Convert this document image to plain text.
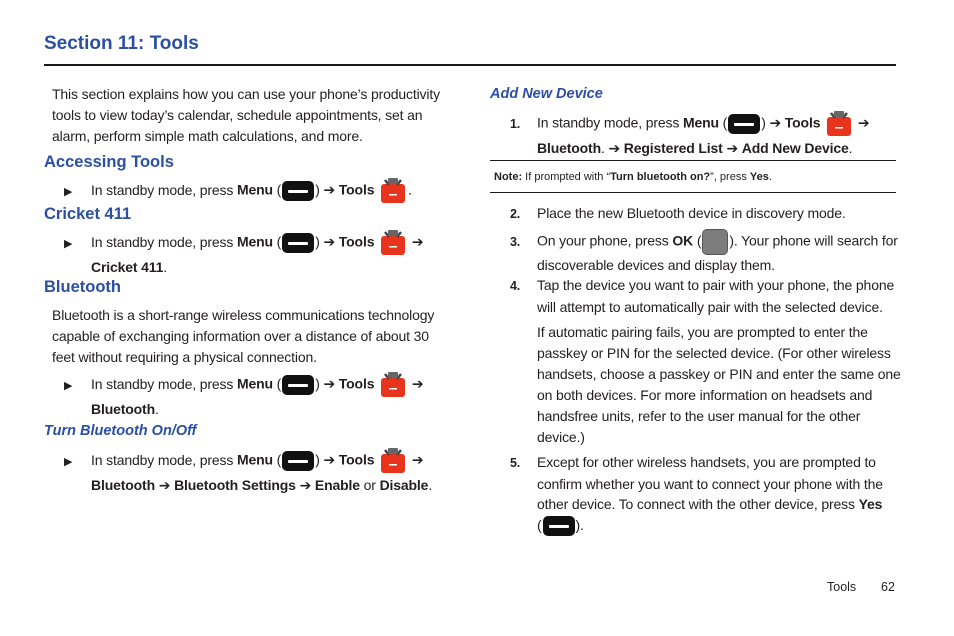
Section 11: Tools

This section explains how you can use your phone’s productivity tools to view today’s calendar, schedule appointments, set an alarm, perform simple math calculations, and more.

Accessing Tools
▶ In standby mode, press Menu ( ) ➔ Tools .
Cricket 411
▶ In standby mode, press Menu ( ) ➔ Tools	➔
Cricket 411.
Bluetooth

Bluetooth is a short-range wireless communications technology capable of exchanging information over a distance of about 30 feet without requiring a physical connection.

▶ In standby mode, press Menu ( ) ➔ Tools	➔
Bluetooth.
Turn Bluetooth On/Off
▶ In standby mode, press Menu ( ) ➔ Tools	➔
Bluetooth ➔ Bluetooth Settings ➔ Enable or Disable.
Add New Device
1. In standby mode, press Menu ( ) ➔ Tools	➔
Bluetooth. ➔ Registered List ➔ Add New Device.
Note: If prompted with “Turn bluetooth on?”, press Yes.
2. Place the new Bluetooth device in discovery mode.
3. On your phone, press OK ( ). Your phone will search for
discoverable devices and display them.
4. Tap the device you want to pair with your phone, the phone
will attempt to automatically pair with the selected device.
If automatic pairing fails, you are prompted to enter the
passkey or PIN for the selected device. (For other wireless
handsets, choose a passkey or PIN and enter the same one
on both devices. For more information on headsets and
handsfree units, refer to the user manual for the other
device.)
5. Except for other wireless handsets, you are prompted to
confirm whether you want to connect your phone with the
other device. To connect with the other device, press Yes
( ).
Tools 62
